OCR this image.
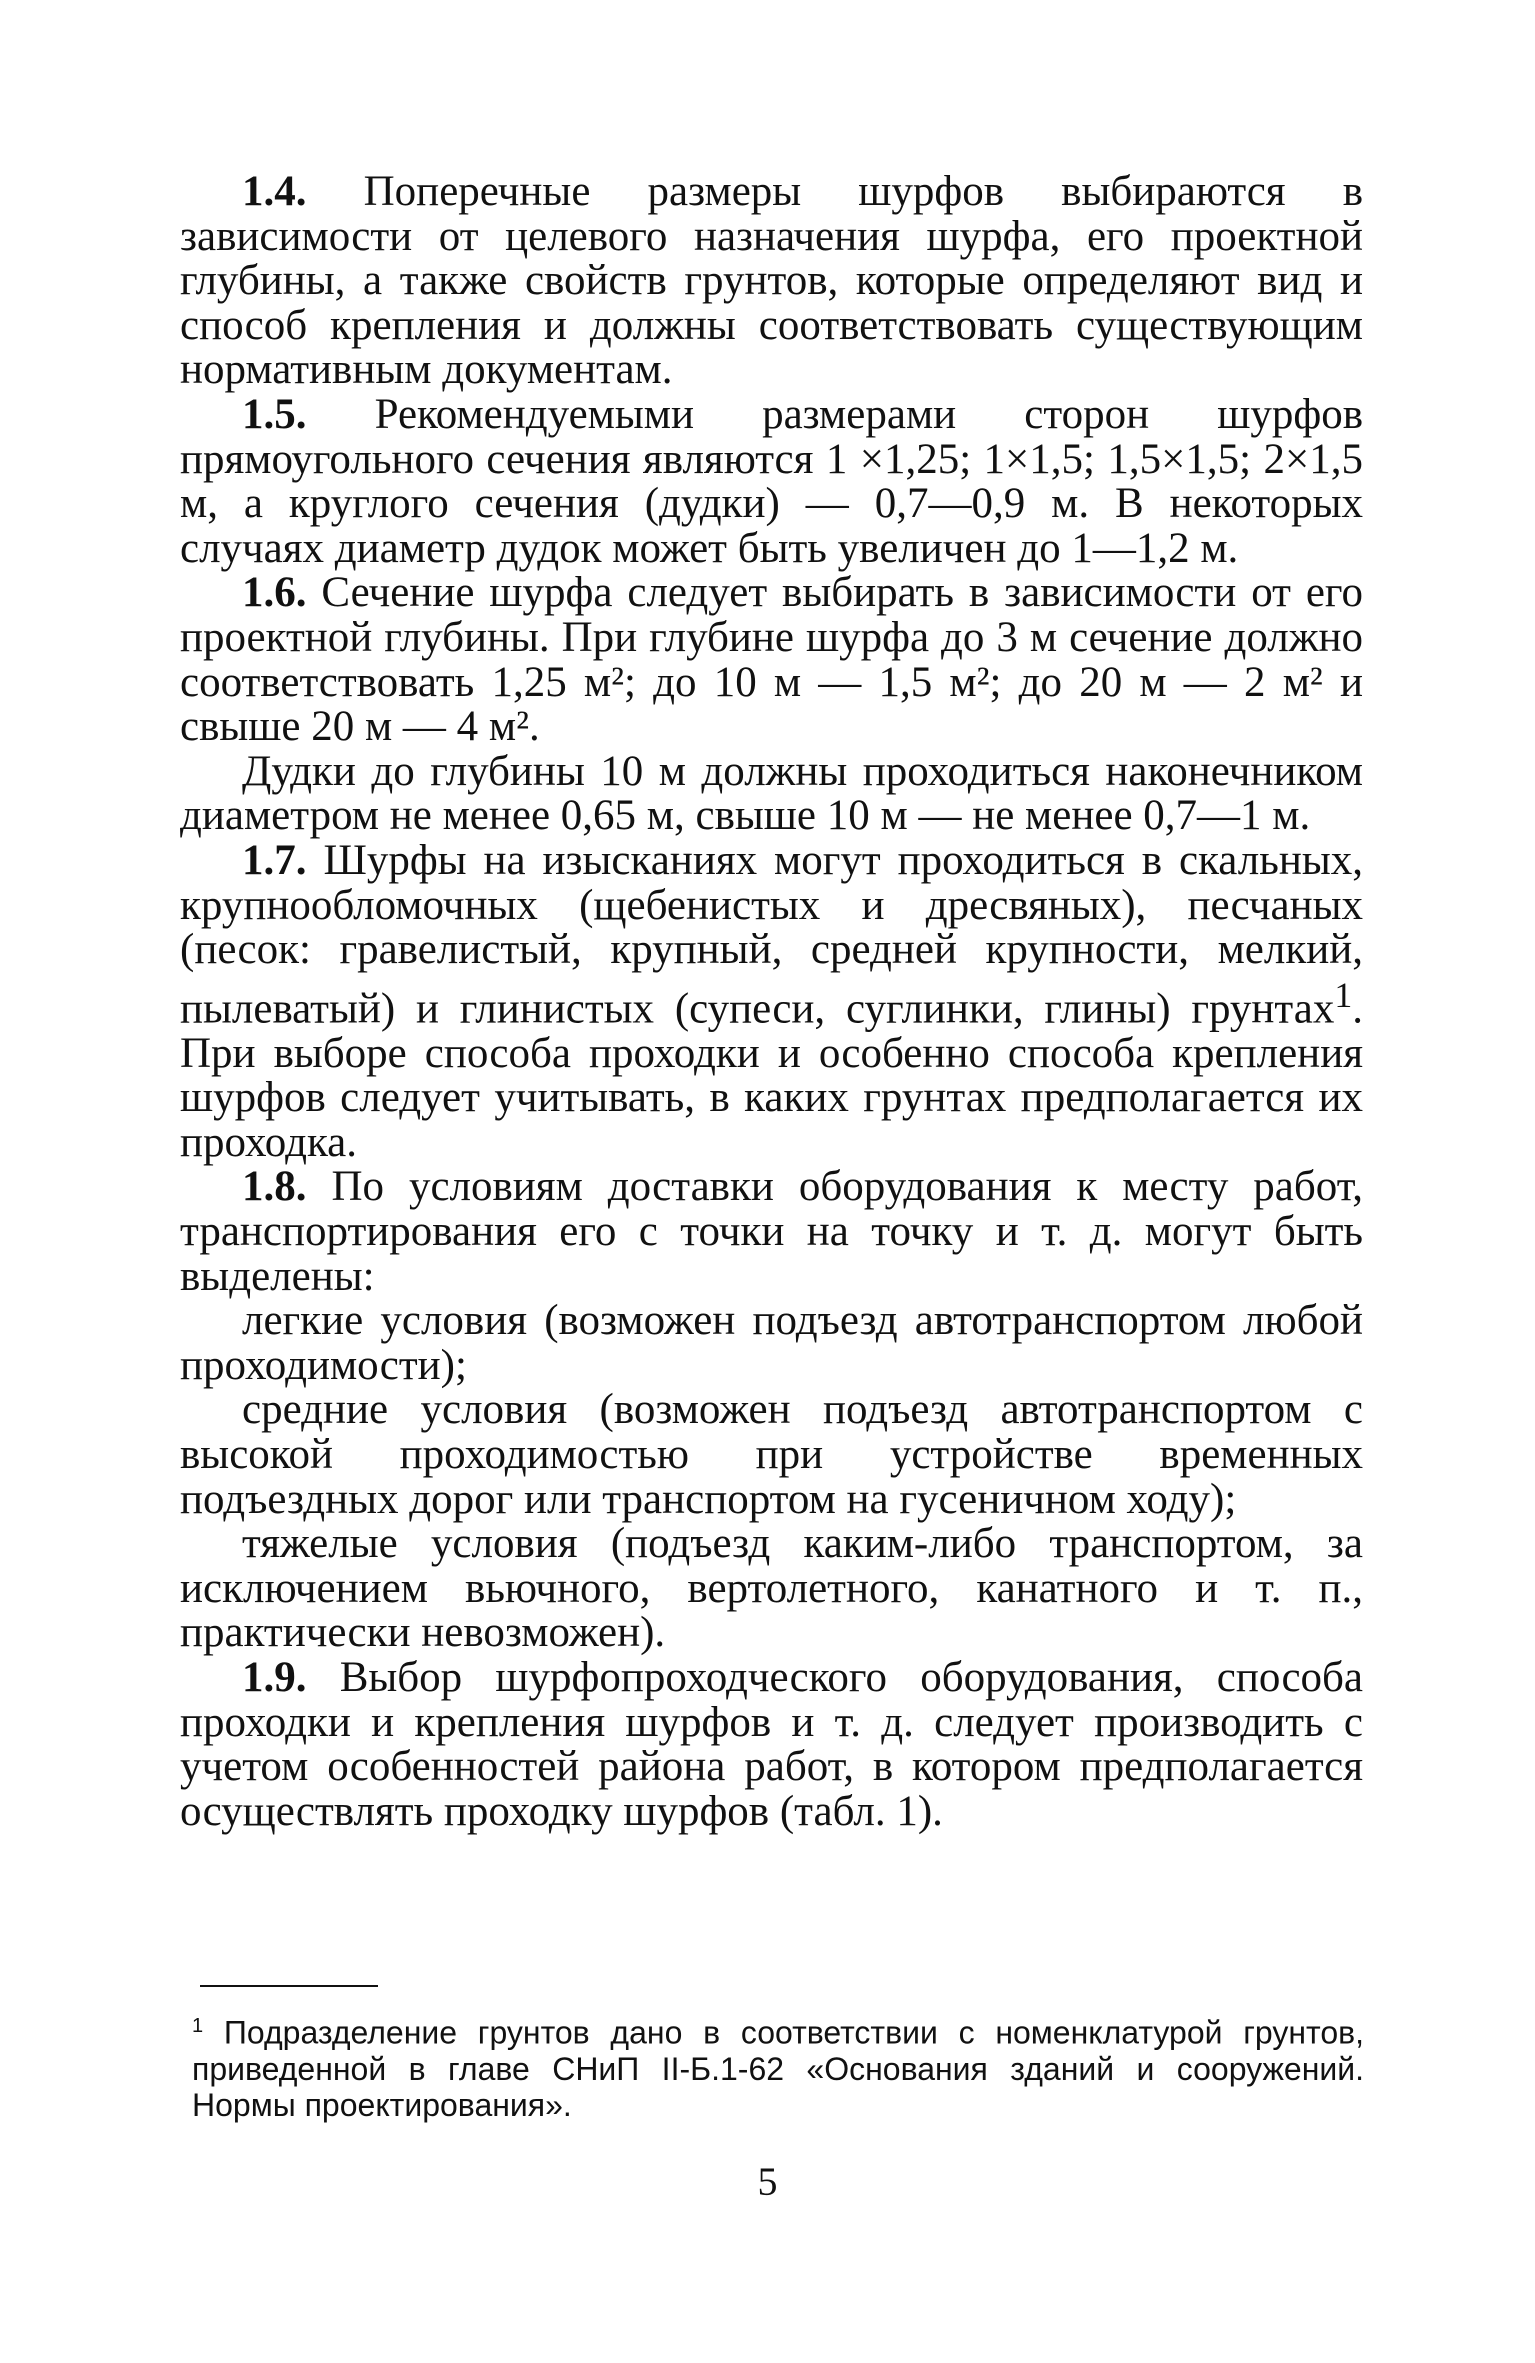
1.4. Поперечные размеры шурфов выбираются в зависимости от целевого назначения шурфа, его проектной глубины, а также свойств грунтов, которые определяют вид и способ крепления и должны соответствовать существующим нормативным документам.

1.5. Рекомендуемыми размерами сторон шурфов прямоугольного сечения являются 1 ×1,25; 1×1,5; 1,5×1,5; 2×1,5 м, а круглого сечения (дудки) — 0,7—0,9 м. В некоторых случаях диаметр дудок может быть увеличен до 1—1,2 м.

1.6. Сечение шурфа следует выбирать в зависимости от его проектной глубины. При глубине шурфа до 3 м сечение должно соответствовать 1,25 м²; до 10 м — 1,5 м²; до 20 м — 2 м² и свыше 20 м — 4 м².

Дудки до глубины 10 м должны проходиться наконечником диаметром не менее 0,65 м, свыше 10 м — не менее 0,7—1 м.

1.7. Шурфы на изысканиях могут проходиться в скальных, крупнообломочных (щебенистых и дресвяных), песчаных (песок: гравелистый, крупный, средней крупности, мелкий, пылеватый) и глинистых (супеси, суглинки, глины) грунтах$^1$. При выборе способа проходки и особенно способа крепления шурфов следует учитывать, в каких грунтах предполагается их проходка.

1.8. По условиям доставки оборудования к месту работ, транспортирования его с точки на точку и т. д. могут быть выделены:

легкие условия (возможен подъезд автотранспортом любой проходимости);

средние условия (возможен подъезд автотранспортом с высокой проходимостью при устройстве временных подъездных дорог или транспортом на гусеничном ходу);

тяжелые условия (подъезд каким-либо транспортом, за исключением вьючного, вертолетного, канатного и т. п., практически невозможен).

1.9. Выбор шурфопроходческого оборудования, способа проходки и крепления шурфов и т. д. следует производить с учетом особенностей района работ, в котором предполагается осуществлять проходку шурфов (табл. 1).

$^1$ Подразделение грунтов дано в соответствии с номенклатурой грунтов, приведенной в главе СНиП II-Б.1-62 «Основания зданий и сооружений. Нормы проектирования».
5
